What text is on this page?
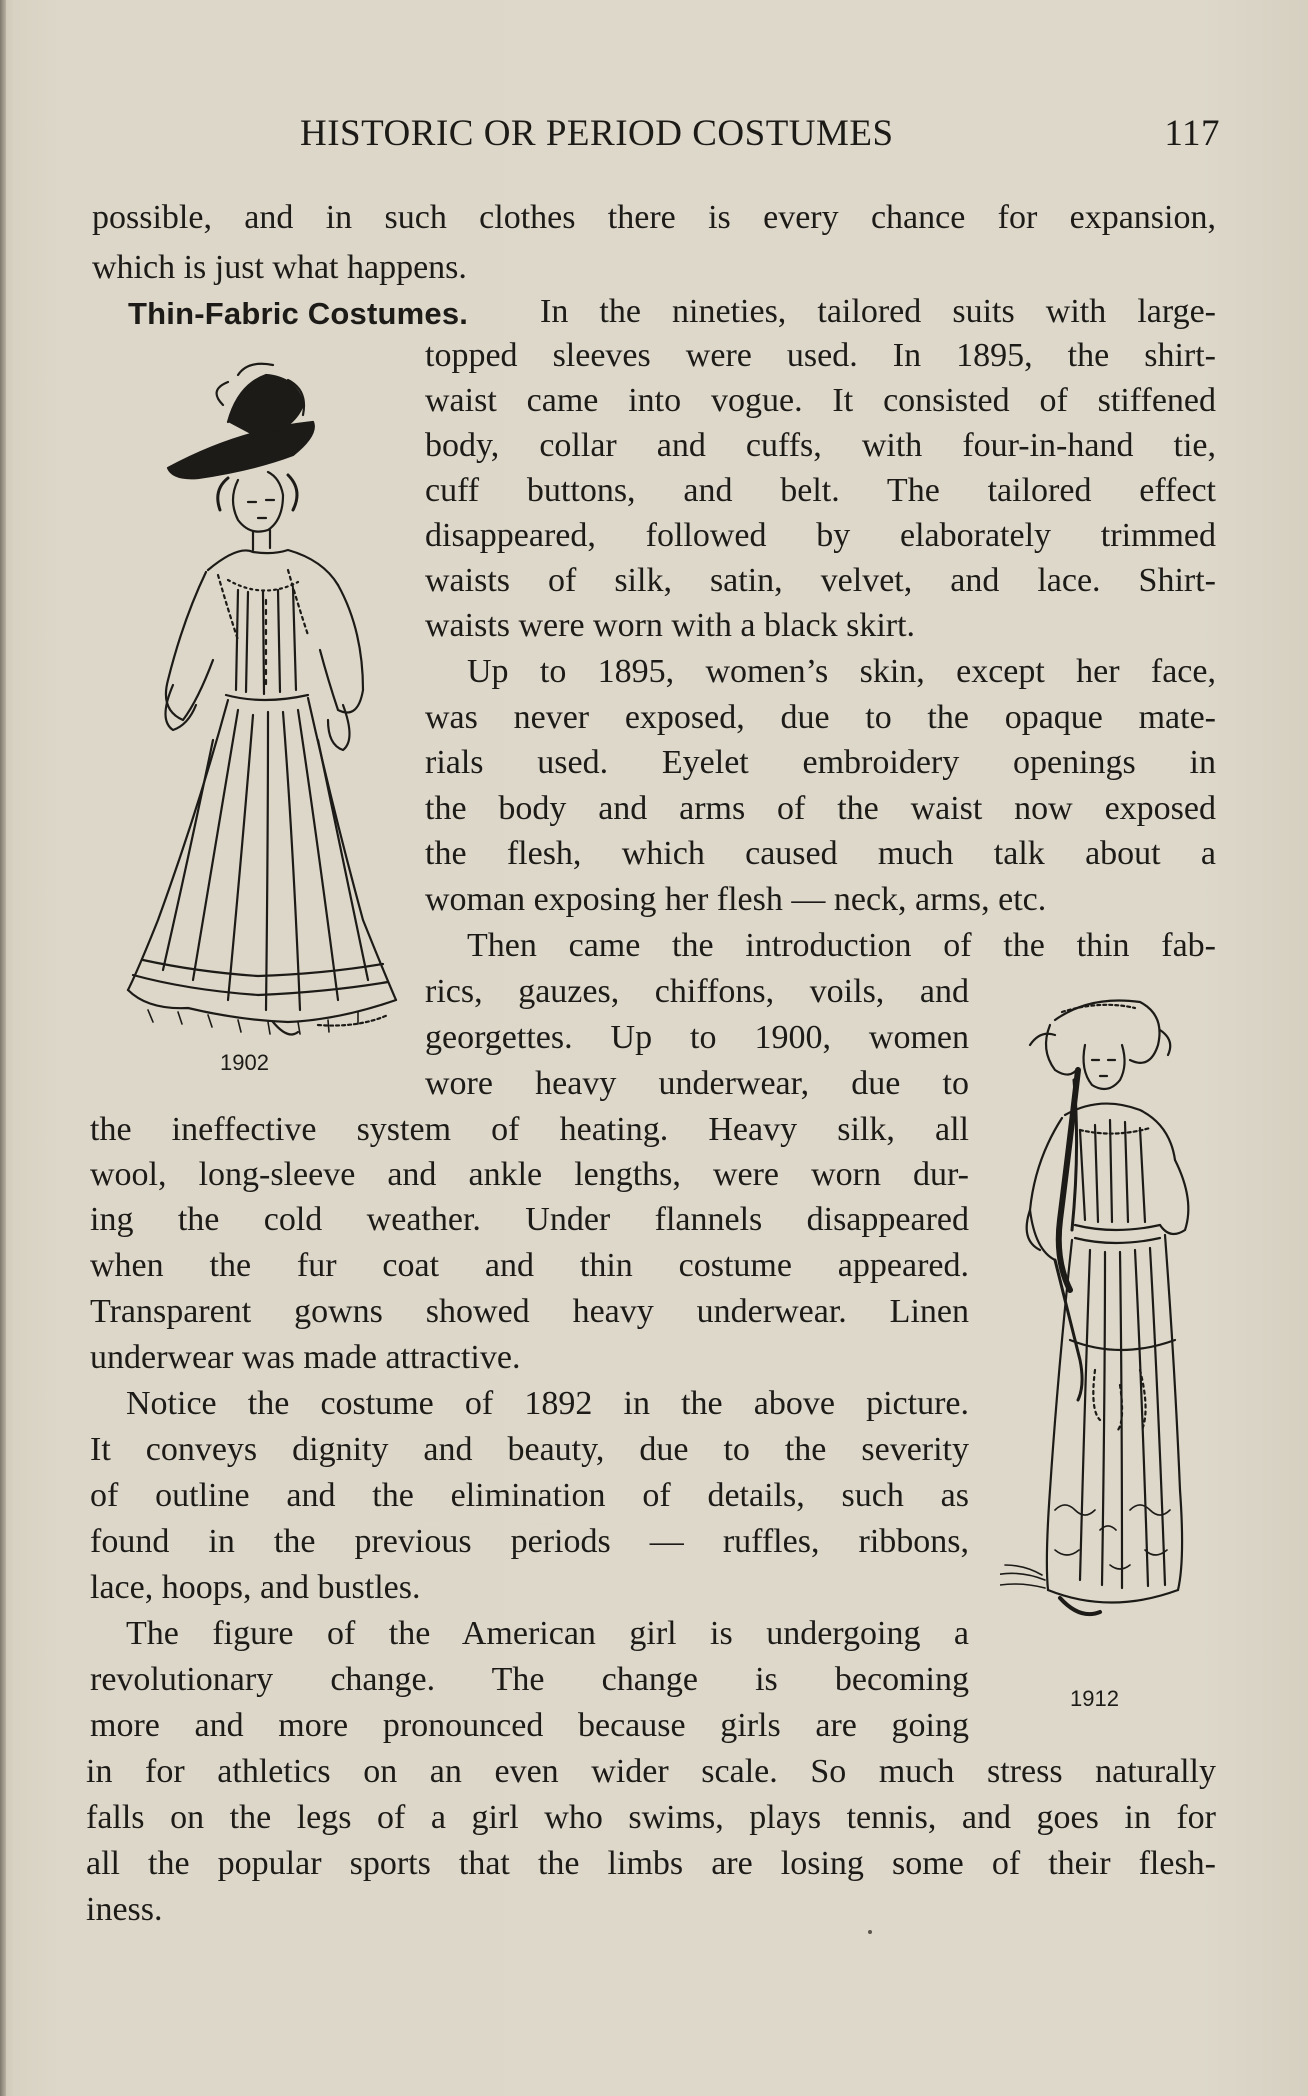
HISTORIC OR PERIOD COSTUMES	117

possible, and in such clothes there is every chance for expansion,

which is just what happens.

Thin-Fabric Costumes. In the nineties, tailored suits with large-

topped sleeves were used. In 1895, the shirt-

waist came into vogue. It consisted of stiffened

body, collar and cuffs, with four-in-hand tie,

cuff buttons, and belt. The tailored effect

disappeared, followed by elaborately trimmed

waists of silk, satin, velvet, and lace. Shirt-

waists were worn with a black skirt.

Up to 1895, women’s skin, except her face,

was never exposed, due to the opaque mate-

rials used. Eyelet embroidery openings in

the body and arms of the waist now exposed

the flesh, which caused much talk about a

woman exposing her flesh — neck, arms, etc.

Then came the introduction of the thin fab-

rics, gauzes, chiffons, voils, and

georgettes. Up to 1900, women

wore heavy underwear, due to

the ineffective system of heating. Heavy silk, all

wool, long-sleeve and ankle lengths, were worn dur-

ing the cold weather. Under flannels disappeared

when the fur coat and thin costume appeared.

Transparent gowns showed heavy underwear. Linen

underwear was made attractive.

Notice the costume of 1892 in the above picture.

It conveys dignity and beauty, due to the severity

of outline and the elimination of details, such as

found in the previous periods — ruffles, ribbons,

lace, hoops, and bustles.

The figure of the American girl is undergoing a

revolutionary change. The change is becoming

more and more pronounced because girls are going

in for athletics on an even wider scale. So much stress naturally

falls on the legs of a girl who swims, plays tennis, and goes in for

all the popular sports that the limbs are losing some of their flesh-

iness.

1902
1912
